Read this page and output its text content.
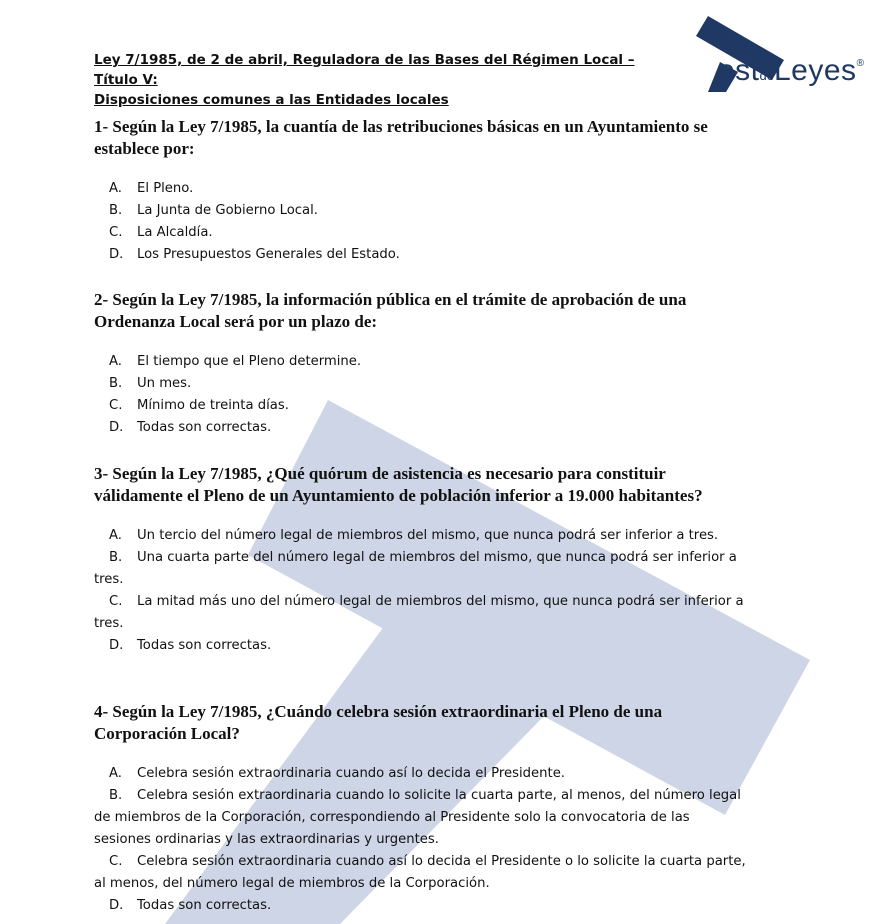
estdeLeyes®

Ley 7/1985, de 2 de abril, Reguladora de las Bases del Régimen Local – Título V:
Disposiciones comunes a las Entidades locales

1- Según la Ley 7/1985, la cuantía de las retribuciones básicas en un Ayuntamiento se establece por:

A. El Pleno.
B. La Junta de Gobierno Local.
C. La Alcaldía.
D. Los Presupuestos Generales del Estado.

2- Según la Ley 7/1985, la información pública en el trámite de aprobación de una Ordenanza Local será por un plazo de:

A. El tiempo que el Pleno determine.
B. Un mes.
C. Mínimo de treinta días.
D. Todas son correctas.

3- Según la Ley 7/1985, ¿Qué quórum de asistencia es necesario para constituir válidamente el Pleno de un Ayuntamiento de población inferior a 19.000 habitantes?

A. Un tercio del número legal de miembros del mismo, que nunca podrá ser inferior a tres.
B. Una cuarta parte del número legal de miembros del mismo, que nunca podrá ser inferior a tres.
C. La mitad más uno del número legal de miembros del mismo, que nunca podrá ser inferior a tres.
D. Todas son correctas.

4- Según la Ley 7/1985, ¿Cuándo celebra sesión extraordinaria el Pleno de una Corporación Local?

A. Celebra sesión extraordinaria cuando así lo decida el Presidente.
B. Celebra sesión extraordinaria cuando lo solicite la cuarta parte, al menos, del número legal de miembros de la Corporación, correspondiendo al Presidente solo la convocatoria de las sesiones ordinarias y las extraordinarias y urgentes.
C. Celebra sesión extraordinaria cuando así lo decida el Presidente o lo solicite la cuarta parte, al menos, del número legal de miembros de la Corporación.
D. Todas son correctas.
